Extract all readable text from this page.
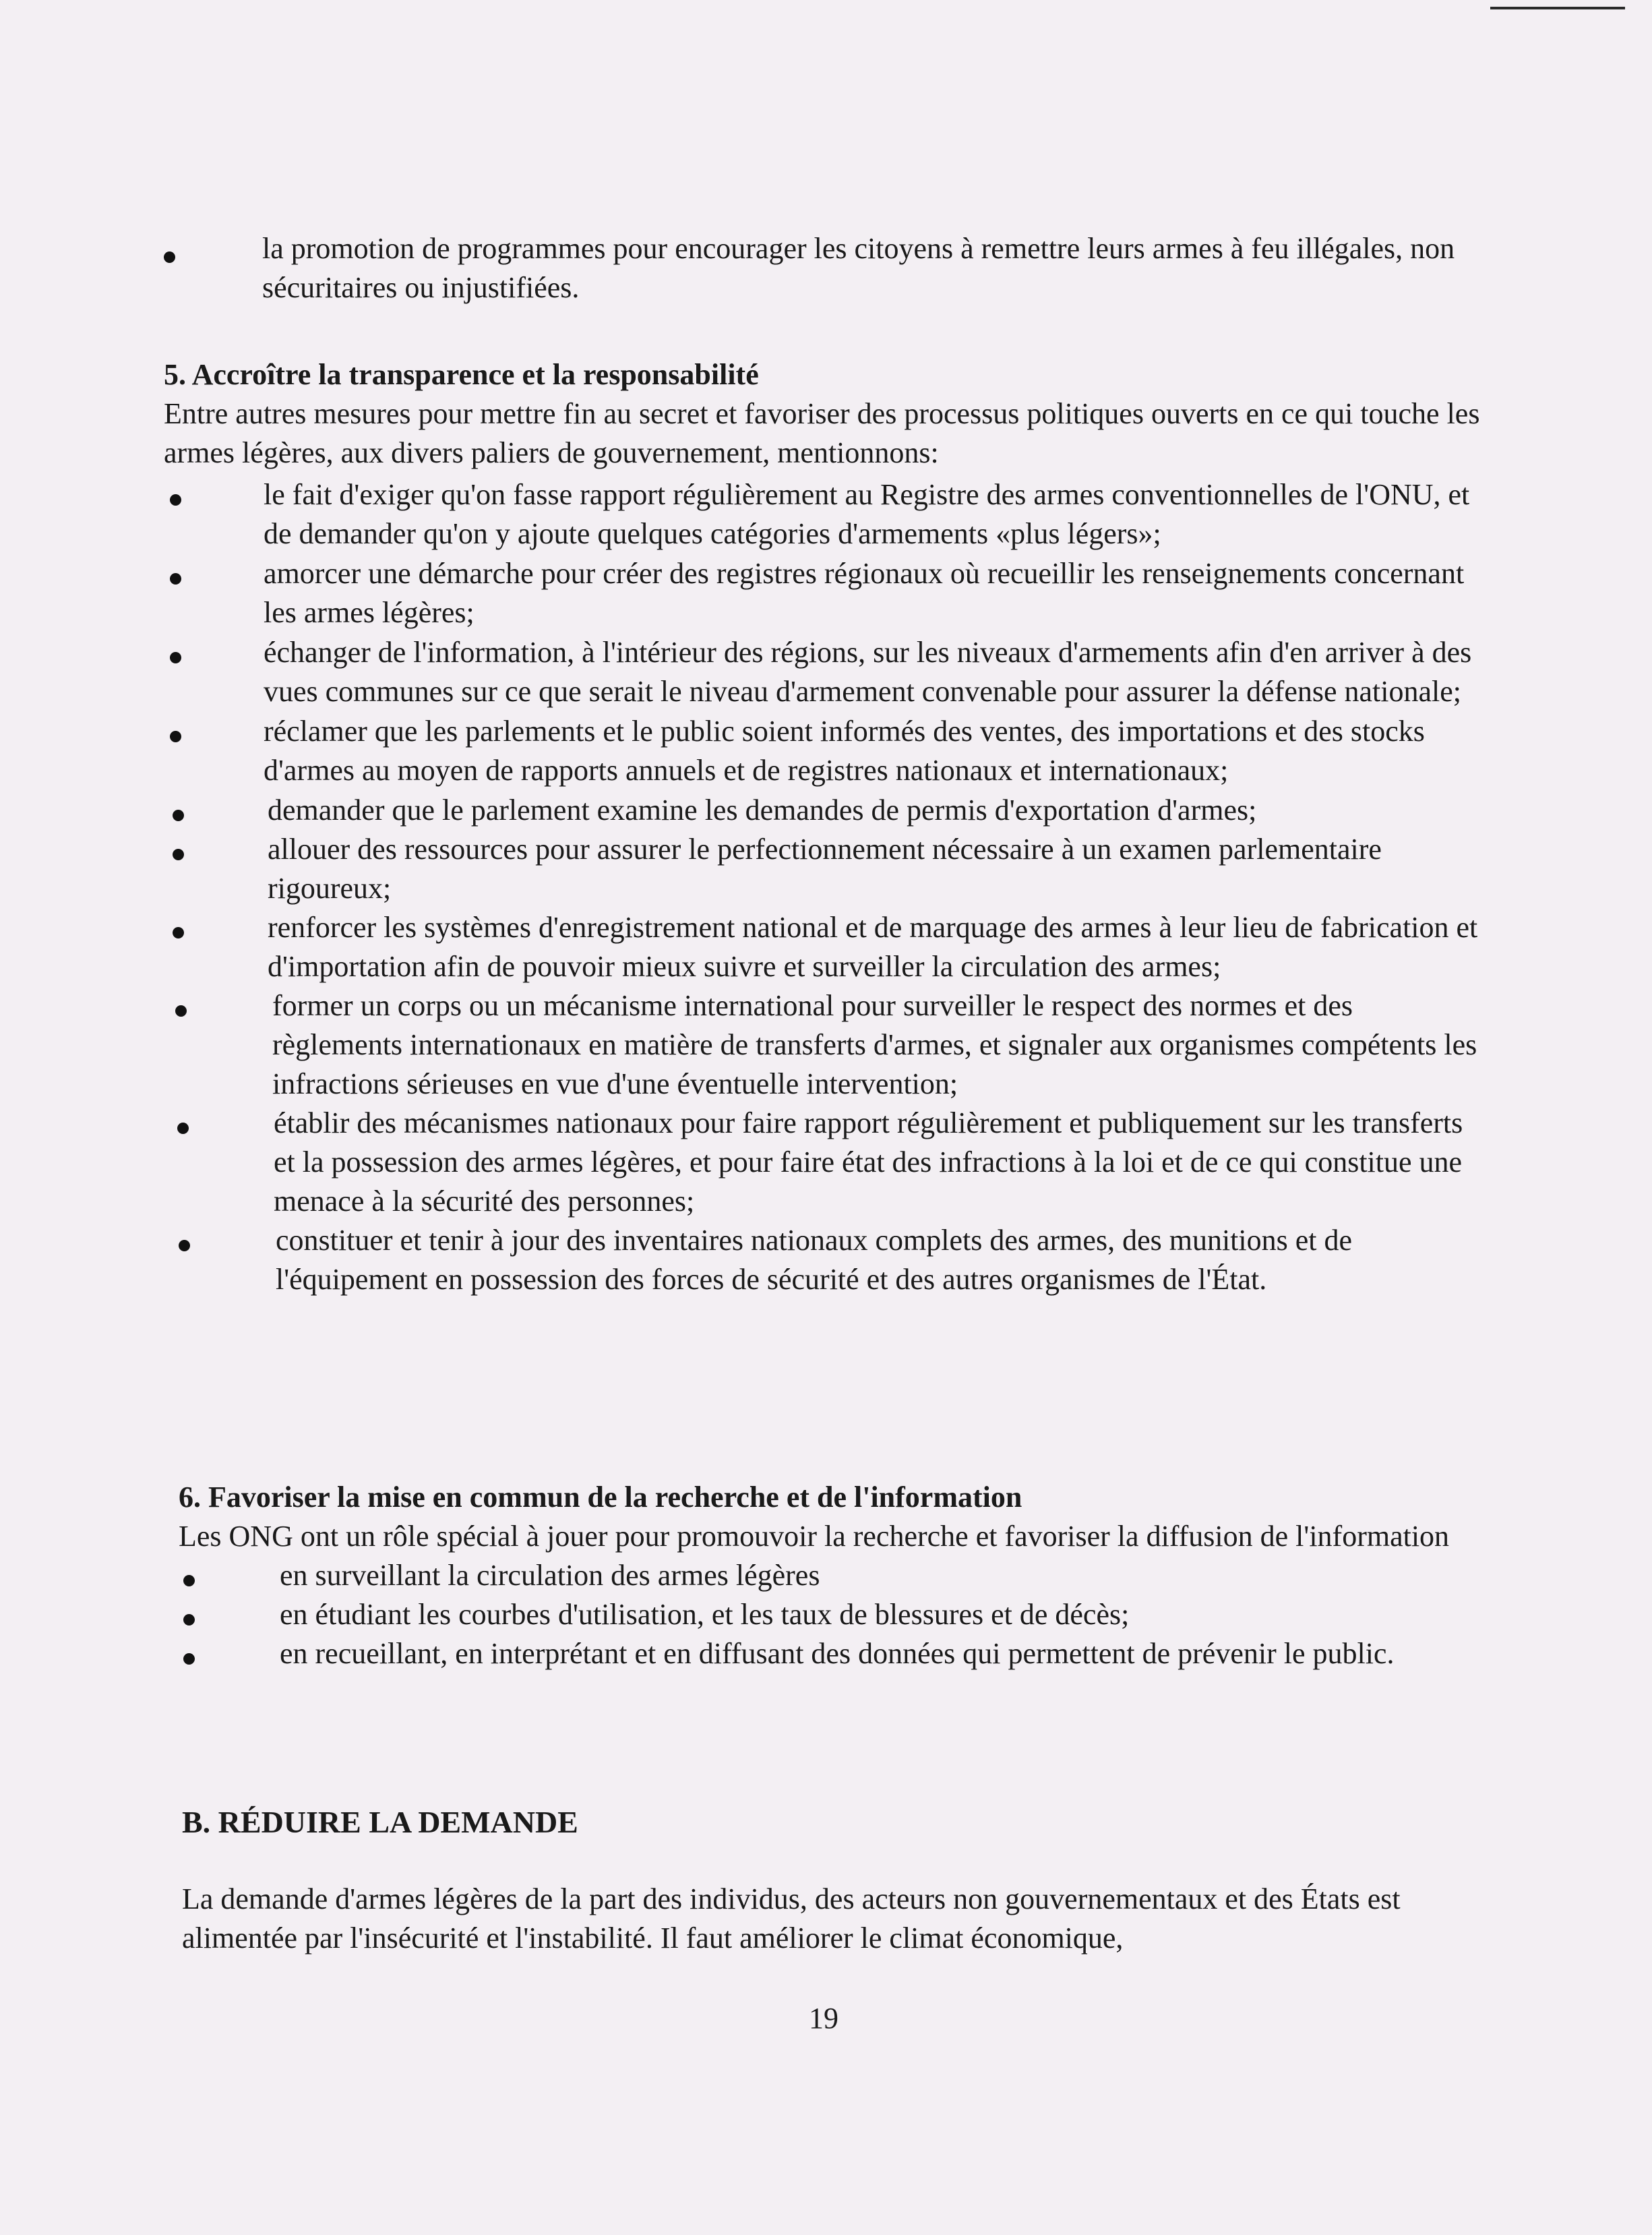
la promotion de programmes pour encourager les citoyens à remettre leurs armes à feu illégales, non sécuritaires ou injustifiées.

5. Accroître la transparence et la responsabilité

Entre autres mesures pour mettre fin au secret et favoriser des processus politiques ouverts en ce qui touche les armes légères, aux divers paliers de gouvernement, mentionnons:

le fait d'exiger qu'on fasse rapport régulièrement au Registre des armes conventionnelles de l'ONU, et de demander qu'on y ajoute quelques catégories d'armements «plus légers»;
amorcer une démarche pour créer des registres régionaux où recueillir les renseignements concernant les armes légères;
échanger de l'information, à l'intérieur des régions, sur les niveaux d'armements afin d'en arriver à des vues communes sur ce que serait le niveau d'armement convenable pour assurer la défense nationale;
réclamer que les parlements et le public soient informés des ventes, des importations et des stocks d'armes au moyen de rapports annuels et de registres nationaux et internationaux;
demander que le parlement examine les demandes de permis d'exportation d'armes;
allouer des ressources pour assurer le perfectionnement nécessaire à un examen parlementaire rigoureux;
renforcer les systèmes d'enregistrement national et de marquage des armes à leur lieu de fabrication et d'importation afin de pouvoir mieux suivre et surveiller la circulation des armes;
former un corps ou un mécanisme international pour surveiller le respect des normes et des règlements internationaux en matière de transferts d'armes, et signaler aux organismes compétents les infractions sérieuses en vue d'une éventuelle intervention;
établir des mécanismes nationaux pour faire rapport régulièrement et publiquement sur les transferts et la possession des armes légères, et pour faire état des infractions à la loi et de ce qui constitue une menace à la sécurité des personnes;
constituer et tenir à jour des inventaires nationaux complets des armes, des munitions et de l'équipement en possession des forces de sécurité et des autres organismes de l'État.

6. Favoriser la mise en commun de la recherche et de l'information

Les ONG ont un rôle spécial à jouer pour promouvoir la recherche et favoriser la diffusion de l'information

en surveillant la circulation des armes légères
en étudiant les courbes d'utilisation, et les taux de blessures et de décès;
en recueillant, en interprétant et en diffusant des données qui permettent de prévenir le public.

B. RÉDUIRE LA DEMANDE

La demande d'armes légères de la part des individus, des acteurs non gouvernementaux et des États est alimentée par l'insécurité et l'instabilité. Il faut améliorer le climat économique,

19
